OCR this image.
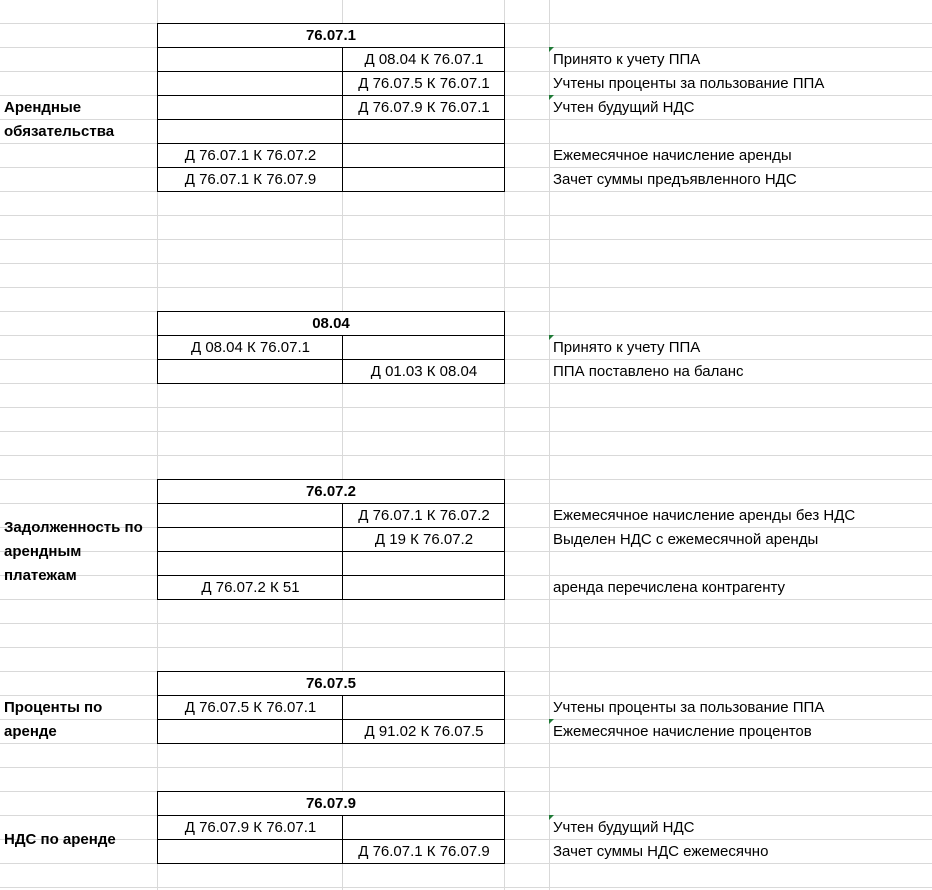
76.07.1
Д 08.04 К 76.07.1	Принято к учету ППА
Д 76.07.5 К 76.07.1	Учтены проценты за пользование ППА
Д 76.07.9 К 76.07.1	Учтен будущий НДС
Д 76.07.1 К 76.07.2	Ежемесячное начисление аренды
Д 76.07.1 К 76.07.9	Зачет суммы предъявленного НДС
Арендные
обязательства
08.04
Д 08.04 К 76.07.1	Принято к учету ППА
Д 01.03 К 08.04	ППА поставлено на баланс
76.07.2
Д 76.07.1 К 76.07.2	Ежемесячное начисление аренды без НДС
Д 19 К 76.07.2	Выделен НДС с ежемесячной аренды
Д 76.07.2 К 51	аренда перечислена контрагенту
Задолженность по
арендным
платежам
76.07.5
Д 76.07.5 К 76.07.1	Учтены проценты за пользование ППА
Д 91.02 К 76.07.5	Ежемесячное начисление процентов
Проценты по
аренде
76.07.9
Д 76.07.9 К 76.07.1	Учтен будущий НДС
Д 76.07.1 К 76.07.9	Зачет суммы НДС ежемесячно
НДС по аренде
